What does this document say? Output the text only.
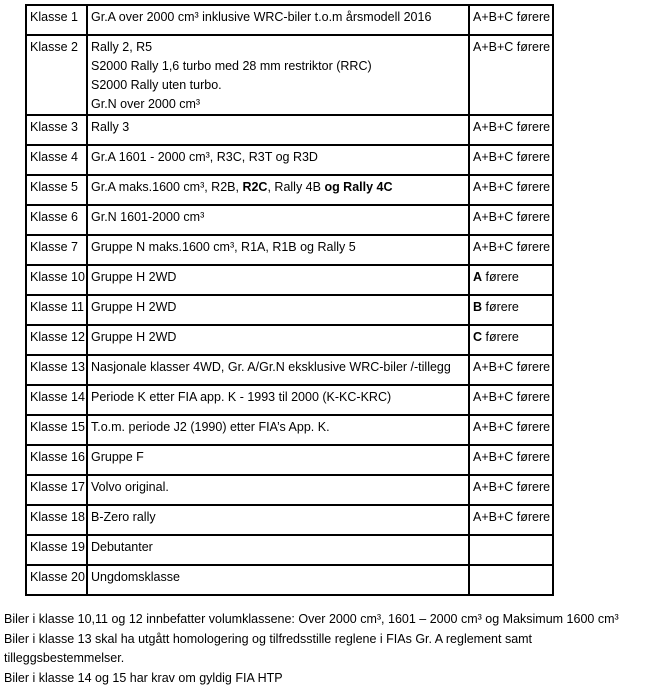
Klasse 1	Gr.A over 2000 cm³ inklusive WRC-biler t.o.m årsmodell 2016	A+B+C førere
Klasse 2	Rally 2, R5
S2000 Rally 1,6 turbo med 28 mm restriktor (RRC)
S2000 Rally uten turbo.
Gr.N over 2000 cm³	A+B+C førere
Klasse 3	Rally 3	A+B+C førere
Klasse 4	Gr.A 1601 - 2000 cm³, R3C, R3T og R3D	A+B+C førere
Klasse 5	Gr.A maks.1600 cm³, R2B, R2C, Rally 4B og Rally 4C	A+B+C førere
Klasse 6	Gr.N 1601-2000 cm³	A+B+C førere
Klasse 7	Gruppe N maks.1600 cm³, R1A, R1B og Rally 5	A+B+C førere
Klasse 10	Gruppe H 2WD	A førere
Klasse 11	Gruppe H 2WD	B førere
Klasse 12	Gruppe H 2WD	C førere
Klasse 13	Nasjonale klasser 4WD, Gr. A/Gr.N eksklusive WRC-biler /-tillegg	A+B+C førere
Klasse 14	Periode K etter FIA app. K - 1993 til 2000 (K-KC-KRC)	A+B+C førere
Klasse 15	T.o.m. periode J2 (1990) etter FIA’s App. K.	A+B+C førere
Klasse 16	Gruppe F	A+B+C førere
Klasse 17	Volvo original.	A+B+C førere
Klasse 18	B-Zero rally	A+B+C førere
Klasse 19	Debutanter	

Klasse 20	Ungdomsklasse	

Biler i klasse 10,11 og 12 innbefatter volumklassene: Over 2000 cm³, 1601 – 2000 cm³ og Maksimum 1600 cm³
Biler i klasse 13 skal ha utgått homologering og tilfredsstille reglene i FIAs Gr. A reglement samt
tilleggsbestemmelser.
Biler i klasse 14 og 15 har krav om gyldig FIA HTP
